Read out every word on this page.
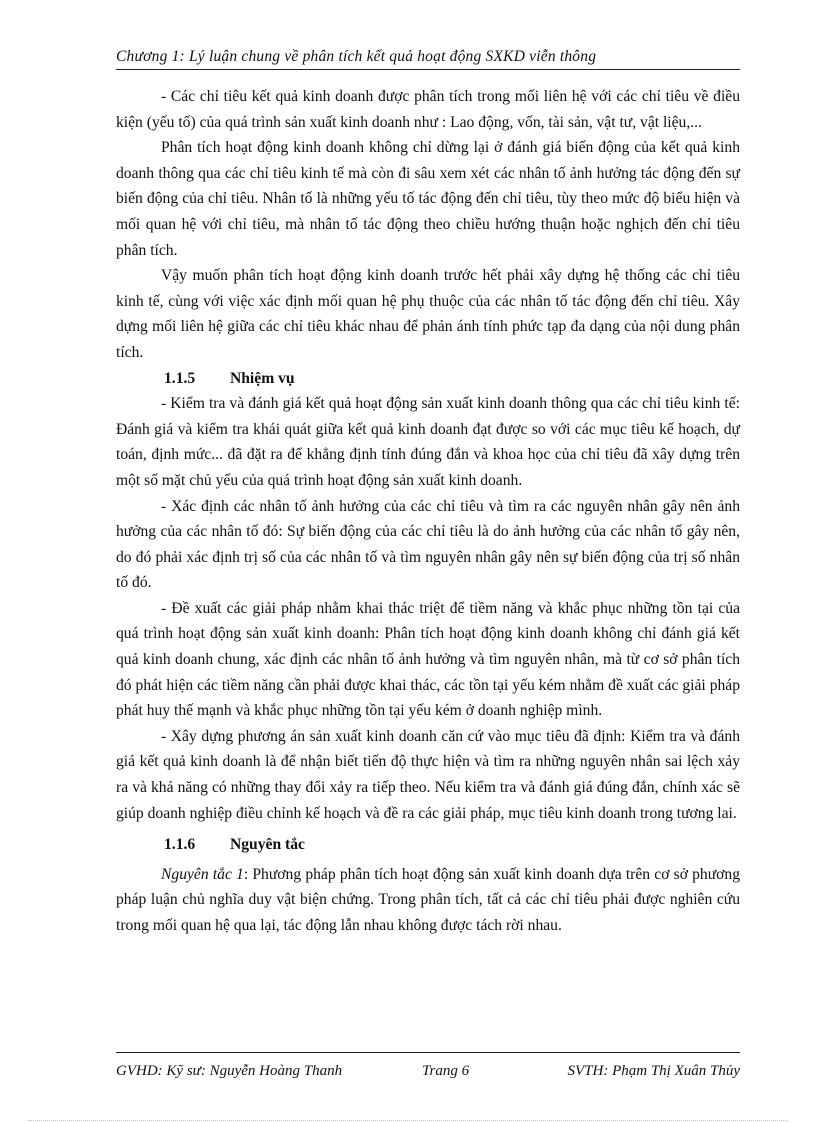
Chương 1: Lý luận chung về phân tích kết quả hoạt động SXKD viễn thông

- Các chỉ tiêu kết quả kinh doanh được phân tích trong mối liên hệ với các chỉ tiêu về điều kiện (yếu tố) của quá trình sản xuất kinh doanh như : Lao động, vốn, tài sản, vật tư, vật liệu,...

Phân tích hoạt động kinh doanh không chỉ dừng lại ở đánh giá biến động của kết quả kinh doanh thông qua các chỉ tiêu kinh tế mà còn đi sâu xem xét các nhân tố ảnh hưởng tác động đến sự biến động của chỉ tiêu. Nhân tố là những yếu tố tác động đến chỉ tiêu, tùy theo mức độ biểu hiện và mối quan hệ với chỉ tiêu, mà nhân tố tác động theo chiều hướng thuận hoặc nghịch đến chỉ tiêu phân tích.

Vậy muốn phân tích hoạt động kinh doanh trước hết phải xây dựng hệ thống các chỉ tiêu kinh tế, cùng với việc xác định mối quan hệ phụ thuộc của các nhân tố tác động đến chỉ tiêu. Xây dựng mối liên hệ giữa các chỉ tiêu khác nhau để phản ánh tính phức tạp đa dạng của nội dung phân tích.

1.1.5 Nhiệm vụ

- Kiểm tra và đánh giá kết quả hoạt động sản xuất kinh doanh thông qua các chỉ tiêu kinh tế: Đánh giá và kiểm tra khái quát giữa kết quả kinh doanh đạt được so với các mục tiêu kế hoạch, dự toán, định mức... đã đặt ra để khẳng định tính đúng đắn và khoa học của chỉ tiêu đã xây dựng trên một số mặt chủ yếu của quá trình hoạt động sản xuất kinh doanh.

- Xác định các nhân tố ảnh hưởng của các chỉ tiêu và tìm ra các nguyên nhân gây nên ảnh hưởng của các nhân tố đó: Sự biến động của các chỉ tiêu là do ảnh hưởng của các nhân tố gây nên, do đó phải xác định trị số của các nhân tố và tìm nguyên nhân gây nên sự biến động của trị số nhân tố đó.

- Đề xuất các giải pháp nhằm khai thác triệt để tiềm năng và khắc phục những tồn tại của quá trình hoạt động sản xuất kinh doanh: Phân tích hoạt động kinh doanh không chỉ đánh giá kết quả kinh doanh chung, xác định các nhân tố ảnh hưởng và tìm nguyên nhân, mà từ cơ sở phân tích đó phát hiện các tiềm năng cần phải được khai thác, các tồn tại yếu kém nhằm đề xuất các giải pháp phát huy thế mạnh và khắc phục những tồn tại yếu kém ở doanh nghiệp mình.

- Xây dựng phương án sản xuất kinh doanh căn cứ vào mục tiêu đã định: Kiểm tra và đánh giá kết quả kinh doanh là để nhận biết tiến độ thực hiện và tìm ra những nguyên nhân sai lệch xảy ra và khả năng có những thay đổi xảy ra tiếp theo. Nếu kiểm tra và đánh giá đúng đắn, chính xác sẽ giúp doanh nghiệp điều chỉnh kế hoạch và đề ra các giải pháp, mục tiêu kinh doanh trong tương lai.

1.1.6 Nguyên tắc

Nguyên tắc 1: Phương pháp phân tích hoạt động sản xuất kinh doanh dựa trên cơ sở phương pháp luận chủ nghĩa duy vật biện chứng. Trong phân tích, tất cả các chỉ tiêu phải được nghiên cứu trong mối quan hệ qua lại, tác động lẫn nhau không được tách rời nhau.

GVHD: Kỹ sư: Nguyễn Hoàng Thanh	Trang 6	SVTH: Phạm Thị Xuân Thủy
